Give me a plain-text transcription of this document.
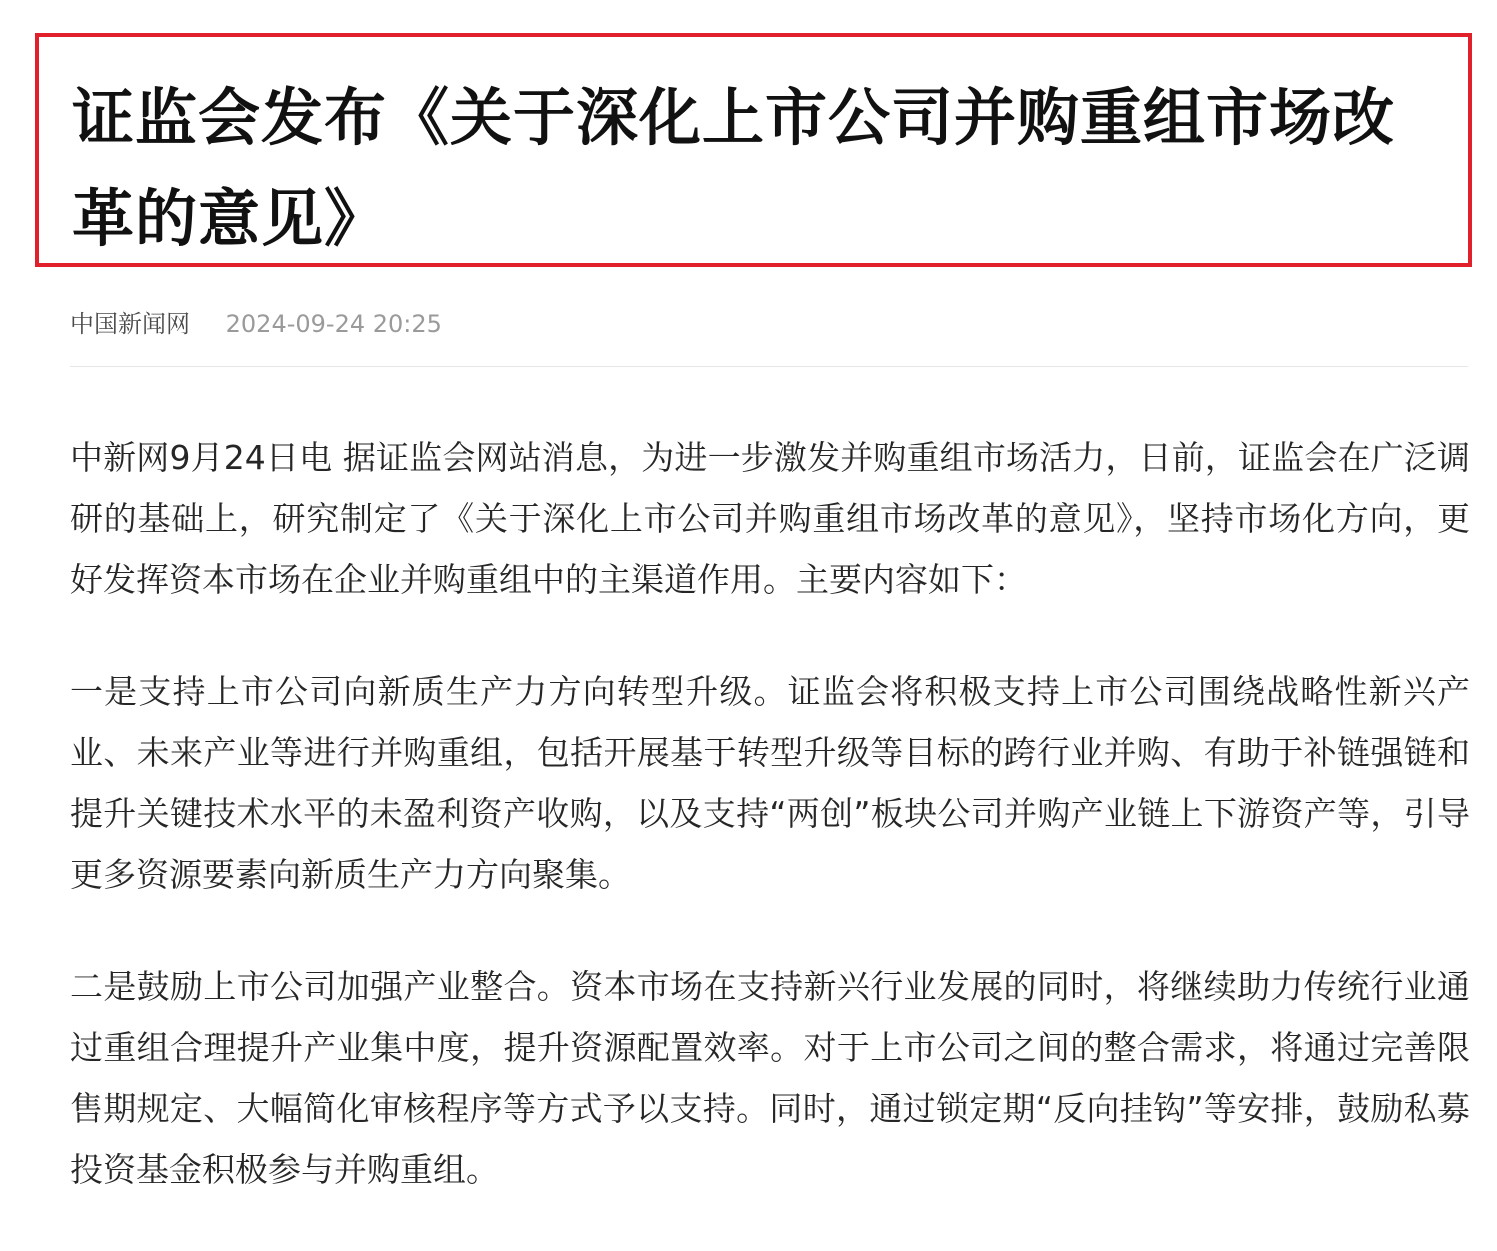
证监会发布《关于深化上市公司并购重组市场改革的意见》
中国新闻网 2024-09-24 20:25

中新网9月24日电 据证监会网站消息，为进一步激发并购重组市场活力，日前，证监会在广泛调研的基础上，研究制定了《关于深化上市公司并购重组市场改革的意见》，坚持市场化方向，更好发挥资本市场在企业并购重组中的主渠道作用。主要内容如下：

一是支持上市公司向新质生产力方向转型升级。证监会将积极支持上市公司围绕战略性新兴产业、未来产业等进行并购重组，包括开展基于转型升级等目标的跨行业并购、有助于补链强链和提升关键技术水平的未盈利资产收购，以及支持“两创”板块公司并购产业链上下游资产等，引导更多资源要素向新质生产力方向聚集。

二是鼓励上市公司加强产业整合。资本市场在支持新兴行业发展的同时，将继续助力传统行业通过重组合理提升产业集中度，提升资源配置效率。对于上市公司之间的整合需求，将通过完善限售期规定、大幅简化审核程序等方式予以支持。同时，通过锁定期“反向挂钩”等安排，鼓励私募投资基金积极参与并购重组。
